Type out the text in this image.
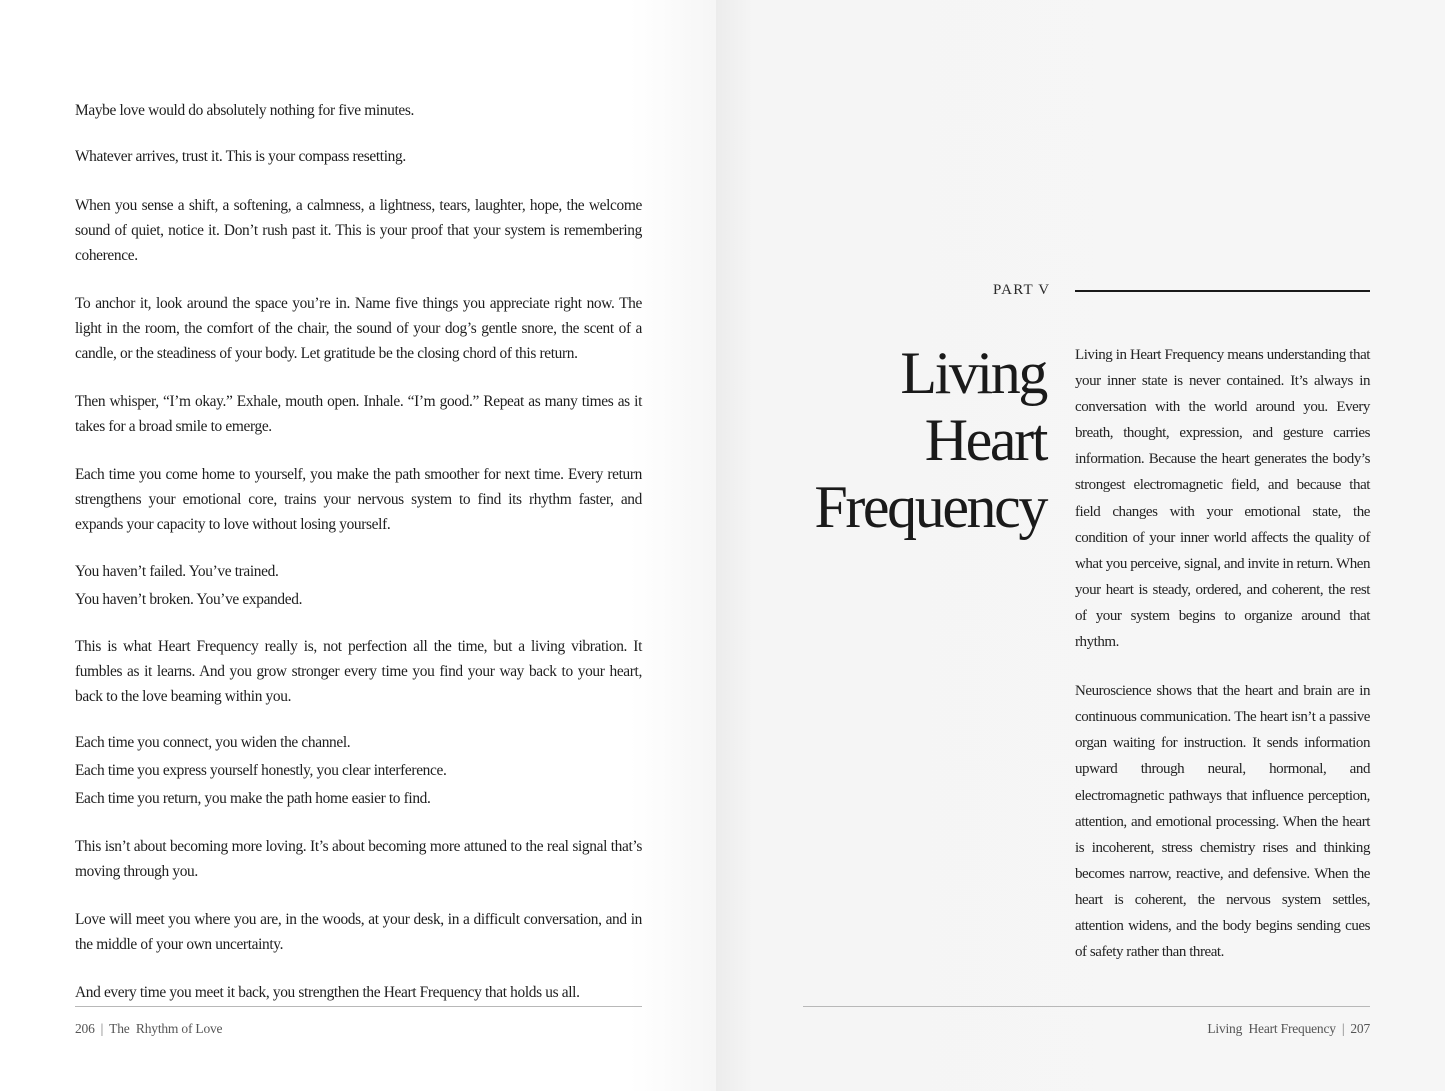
Maybe love would do absolutely nothing for five minutes.

Whatever arrives, trust it. This is your compass resetting.

When you sense a shift, a softening, a calmness, a lightness, tears, laughter, hope, the welcome sound of quiet, notice it. Don’t rush past it. This is your proof that your system is remembering coherence.

To anchor it, look around the space you’re in. Name five things you appreciate right now. The light in the room, the comfort of the chair, the sound of your dog’s gentle snore, the scent of a candle, or the steadiness of your body. Let gratitude be the closing chord of this return.

Then whisper, “I’m okay.” Exhale, mouth open. Inhale. “I’m good.” Repeat as many times as it takes for a broad smile to emerge.

Each time you come home to yourself, you make the path smoother for next time. Every return strengthens your emotional core, trains your nervous system to find its rhythm faster, and expands your capacity to love without losing yourself.

You haven’t failed. You’ve trained.

You haven’t broken. You’ve expanded.

This is what Heart Frequency really is, not perfection all the time, but a living vibration. It fumbles as it learns. And you grow stronger every time you find your way back to your heart, back to the love beaming within you.

Each time you connect, you widen the channel.

Each time you express yourself honestly, you clear interference.

Each time you return, you make the path home easier to find.

This isn’t about becoming more loving. It’s about becoming more attuned to the real signal that’s moving through you.

Love will meet you where you are, in the woods, at your desk, in a difficult conversation, and in the middle of your own uncertainty.

And every time you meet it back, you strengthen the Heart Frequency that holds us all.

206 | The  Rhythm of Love
PART V
Living
Heart
Frequency

Living in Heart Frequency means understanding that your inner state is never contained. It’s always in conversation with the world around you. Every breath, thought, expression, and gesture carries information. Because the heart generates the body’s strongest electromagnetic field, and because that field changes with your emotional state, the condition of your inner world affects the quality of what you perceive, signal, and invite in return. When your heart is steady, ordered, and coherent, the rest of your system begins to organize around that rhythm.

Neuroscience shows that the heart and brain are in continuous communication. The heart isn’t a passive organ waiting for instruction. It sends information upward through neural, hormonal, and electromagnetic pathways that influence perception, attention, and emotional processing. When the heart is incoherent, stress chemistry rises and thinking becomes narrow, reactive, and defensive. When the heart is coherent, the nervous system settles, attention widens, and the body begins sending cues of safety rather than threat.

Living  Heart Frequency | 207
